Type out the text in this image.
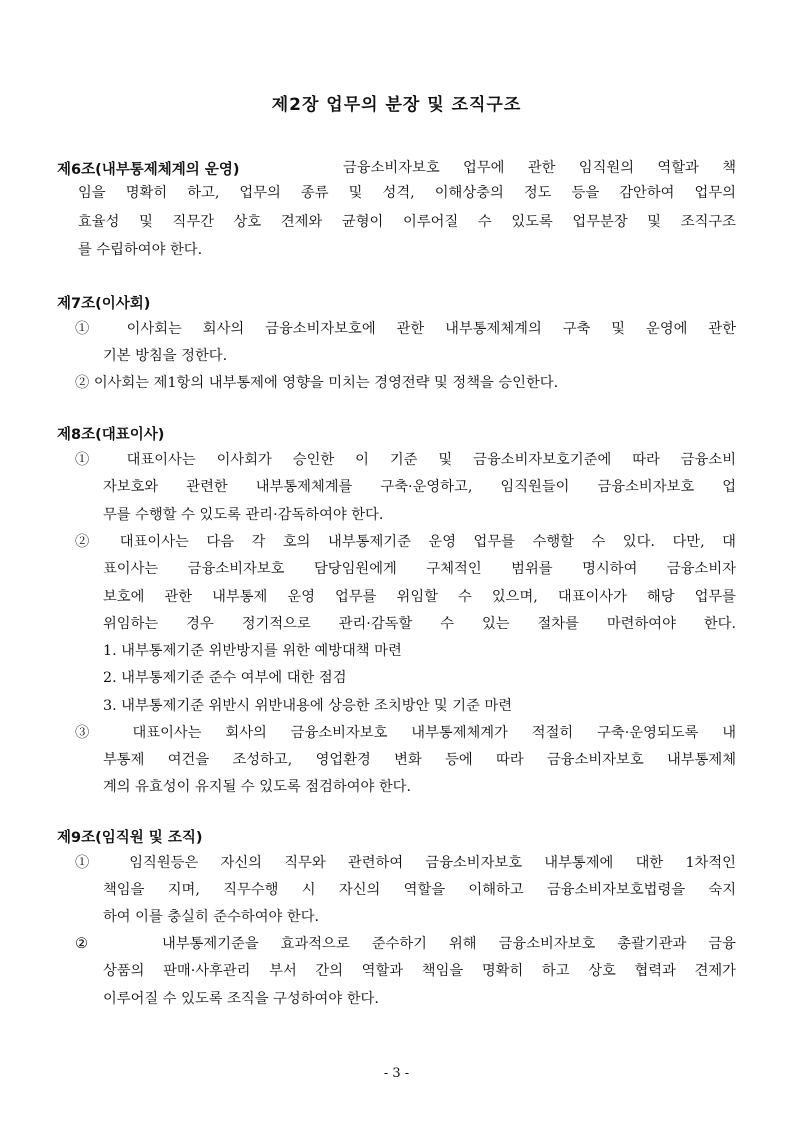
제2장 업무의 분장 및 조직구조
제6조(내부통제체계의 운영)	금융소비자보호 업무에 관한 임직원의 역할과 책
임을 명확히 하고, 업무의 종류 및 성격, 이해상충의 정도 등을 감안하여 업무의
효율성 및 직무간 상호 견제와 균형이 이루어질 수 있도록 업무분장 및 조직구조
를 수립하여야 한다.
제7조(이사회)
① 이사회는 회사의 금융소비자보호에 관한 내부통제체계의 구축 및 운영에 관한
기본 방침을 정한다.
② 이사회는 제1항의 내부통제에 영향을 미치는 경영전략 및 정책을 승인한다.
제8조(대표이사)
① 대표이사는 이사회가 승인한 이 기준 및 금융소비자보호기준에 따라 금융소비
자보호와 관련한 내부통제체계를 구축·운영하고, 임직원들이 금융소비자보호 업
무를 수행할 수 있도록 관리·감독하여야 한다.
② 대표이사는 다음 각 호의 내부통제기준 운영 업무를 수행할 수 있다. 다만, 대
표이사는 금융소비자보호 담당임원에게 구체적인 범위를 명시하여 금융소비자
보호에 관한 내부통제 운영 업무를 위임할 수 있으며, 대표이사가 해당 업무를
위임하는 경우 정기적으로 관리·감독할 수 있는 절차를 마련하여야 한다.
1. 내부통제기준 위반방지를 위한 예방대책 마련
2. 내부통제기준 준수 여부에 대한 점검
3. 내부통제기준 위반시 위반내용에 상응한 조치방안 및 기준 마련
③ 대표이사는 회사의 금융소비자보호 내부통제체계가 적절히 구축·운영되도록 내
부통제 여건을 조성하고, 영업환경 변화 등에 따라 금융소비자보호 내부통제체
계의 유효성이 유지될 수 있도록 점검하여야 한다.
제9조(임직원 및 조직)
① 임직원등은 자신의 직무와 관련하여 금융소비자보호 내부통제에 대한 1차적인
책임을 지며, 직무수행 시 자신의 역할을 이해하고 금융소비자보호법령을 숙지
하여 이를 충실히 준수하여야 한다.
②	내부통제기준을 효과적으로 준수하기 위해 금융소비자보호 총괄기관과 금융
상품의 판매·사후관리 부서 간의 역할과 책임을 명확히 하고 상호 협력과 견제가
이루어질 수 있도록 조직을 구성하여야 한다.
- 3 -
